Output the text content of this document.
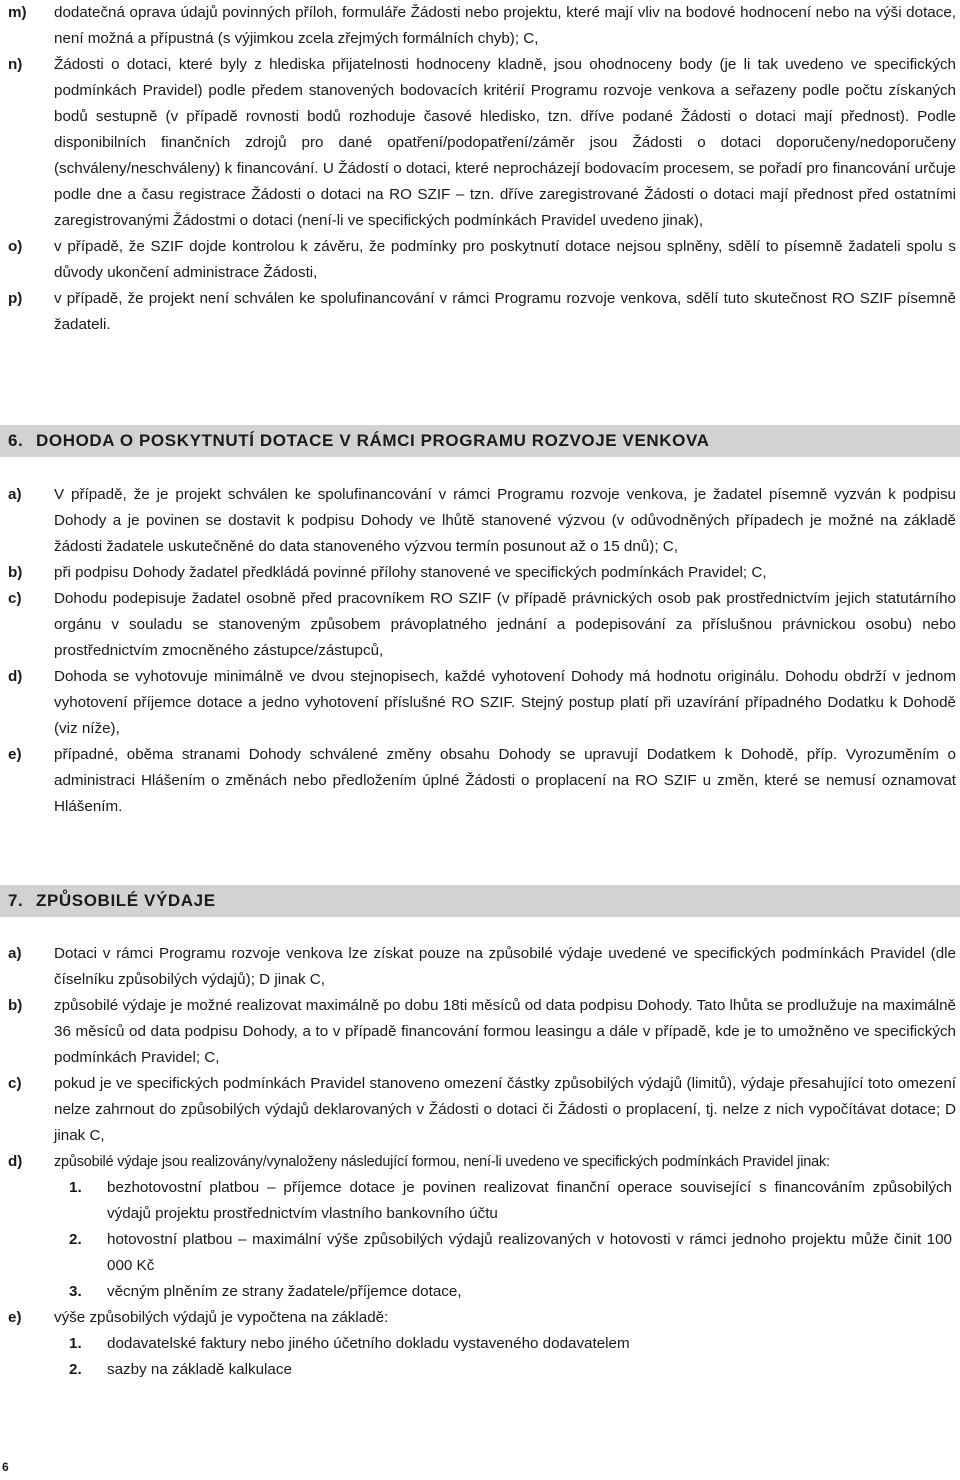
m)	dodatečná oprava údajů povinných příloh, formuláře Žádosti nebo projektu, které mají vliv na bodové hodnocení nebo na výši dotace, není možná a přípustná (s výjimkou zcela zřejmých formálních chyb); C,
n)	Žádosti o dotaci, které byly z hlediska přijatelnosti hodnoceny kladně, jsou ohodnoceny body (je li tak uvedeno ve specifických podmínkách Pravidel) podle předem stanovených bodovacích kritérií Programu rozvoje venkova a seřazeny podle počtu získaných bodů sestupně (v případě rovnosti bodů rozhoduje časové hledisko, tzn. dříve podané Žádosti o dotaci mají přednost). Podle disponibilních finančních zdrojů pro dané opatření/podopatření/záměr jsou Žádosti o dotaci doporučeny/nedoporučeny (schváleny/neschváleny) k financování. U Žádostí o dotaci, které neprocházejí bodovacím procesem, se pořadí pro financování určuje podle dne a času registrace Žádosti o dotaci na RO SZIF – tzn. dříve zaregistrované Žádosti o dotaci mají přednost před ostatními zaregistrovanými Žádostmi o dotaci (není-li ve specifických podmínkách Pravidel uvedeno jinak),
o)	v případě, že SZIF dojde kontrolou k závěru, že podmínky pro poskytnutí dotace nejsou splněny, sdělí to písemně žadateli spolu s důvody ukončení administrace Žádosti,
p)	v případě, že projekt není schválen ke spolufinancování v rámci Programu rozvoje venkova, sdělí tuto skutečnost RO SZIF písemně žadateli.
6. DOHODA O POSKYTNUTÍ DOTACE V RÁMCI PROGRAMU ROZVOJE VENKOVA
a)	V případě, že je projekt schválen ke spolufinancování v rámci Programu rozvoje venkova, je žadatel písemně vyzván k podpisu Dohody a je povinen se dostavit k podpisu Dohody ve lhůtě stanovené výzvou (v odůvodněných případech je možné na základě žádosti žadatele uskutečněné do data stanoveného výzvou termín posunout až o 15 dnů); C,
b)	při podpisu Dohody žadatel předkládá povinné přílohy stanovené ve specifických podmínkách Pravidel; C,
c)	Dohodu podepisuje žadatel osobně před pracovníkem RO SZIF (v případě právnických osob pak prostřednictvím jejich statutárního orgánu v souladu se stanoveným způsobem právoplatného jednání a podepisování za příslušnou právnickou osobu) nebo prostřednictvím zmocněného zástupce/zástupců,
d)	Dohoda se vyhotovuje minimálně ve dvou stejnopisech, každé vyhotovení Dohody má hodnotu originálu. Dohodu obdrží v jednom vyhotovení příjemce dotace a jedno vyhotovení příslušné RO SZIF. Stejný postup platí při uzavírání případného Dodatku k Dohodě (viz níže),
e)	případné, oběma stranami Dohody schválené změny obsahu Dohody se upravují Dodatkem k Dohodě, příp. Vyrozuměním o administraci Hlášením o změnách nebo předložením úplné Žádosti o proplacení na RO SZIF u změn, které se nemusí oznamovat Hlášením.
7. ZPŮSOBILÉ VÝDAJE
a)	Dotaci v rámci Programu rozvoje venkova lze získat pouze na způsobilé výdaje uvedené ve specifických podmínkách Pravidel (dle číselníku způsobilých výdajů); D jinak C,
b)	způsobilé výdaje je možné realizovat maximálně po dobu 18ti měsíců od data podpisu Dohody. Tato lhůta se prodlužuje na maximálně 36 měsíců od data podpisu Dohody, a to v případě financování formou leasingu a dále v případě, kde je to umožněno ve specifických podmínkách Pravidel; C,
c)	pokud je ve specifických podmínkách Pravidel stanoveno omezení částky způsobilých výdajů (limitů), výdaje přesahující toto omezení nelze zahrnout do způsobilých výdajů deklarovaných v Žádosti o dotaci či Žádosti o proplacení, tj. nelze z nich vypočítávat dotace; D jinak C,
d)	způsobilé výdaje jsou realizovány/vynaloženy následující formou, není-li uvedeno ve specifických podmínkách Pravidel jinak:
1.	bezhotovostní platbou – příjemce dotace je povinen realizovat finanční operace související s financováním způsobilých výdajů projektu prostřednictvím vlastního bankovního účtu
2.	hotovostní platbou – maximální výše způsobilých výdajů realizovaných v hotovosti v rámci jednoho projektu může činit 100 000 Kč
3.	věcným plněním ze strany žadatele/příjemce dotace,
e)	výše způsobilých výdajů je vypočtena na základě:
1.	dodavatelské faktury nebo jiného účetního dokladu vystaveného dodavatelem
2.	sazby na základě kalkulace
6
